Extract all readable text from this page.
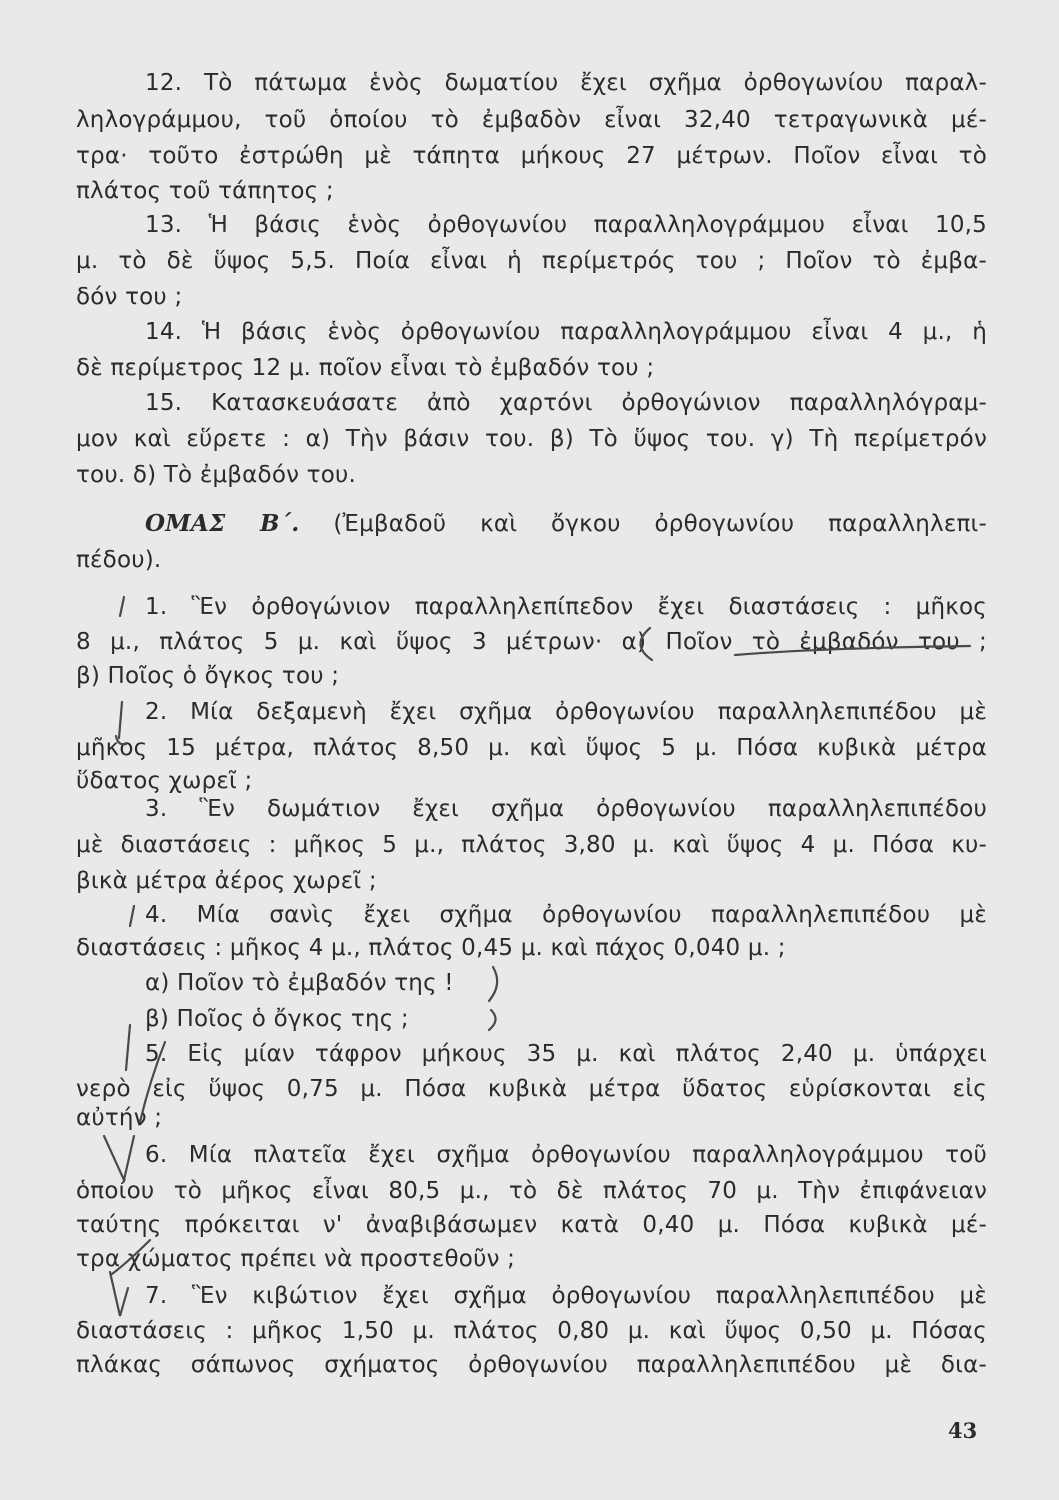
12. Τὸ πάτωμα ἑνὸς δωματίου ἔχει σχῆμα ὀρθογωνίου παραλ-
ληλογράμμου, τοῦ ὁποίου τὸ ἐμβαδὸν εἶναι 32,40 τετραγωνικὰ μέ-
τρα· τοῦτο ἐστρώθη μὲ τάπητα μήκους 27 μέτρων. Ποῖον εἶναι τὸ
πλάτος τοῦ τάπητος ;
13. Ἡ βάσις ἑνὸς ὀρθογωνίου παραλληλογράμμου εἶναι 10,5
μ. τὸ δὲ ὕψος 5,5. Ποία εἶναι ἡ περίμετρός του ; Ποῖον τὸ ἐμβα-
δόν του ;
14. Ἡ βάσις ἑνὸς ὀρθογωνίου παραλληλογράμμου εἶναι 4 μ., ἡ
δὲ περίμετρος 12 μ. ποῖον εἶναι τὸ ἐμβαδόν του ;
15. Κατασκευάσατε ἀπὸ χαρτόνι ὀρθογώνιον παραλληλόγραμ-
μον καὶ εὕρετε : α) Τὴν βάσιν του. β) Τὸ ὕψος του. γ) Τὴ περίμετρόν
του. δ) Τὸ ἐμβαδόν του.
ΟΜΑΣ Β΄. (Ἐμβαδοῦ καὶ ὄγκου ὀρθογωνίου παραλληλεπι-
πέδου).
1. Ἓν ὀρθογώνιον παραλληλεπίπεδον ἔχει διαστάσεις : μῆκος
8 μ., πλάτος 5 μ. καὶ ὕψος 3 μέτρων· α) Ποῖον τὸ ἐμβαδόν του ;
β) Ποῖος ὁ ὄγκος του ;
2. Μία δεξαμενὴ ἔχει σχῆμα ὀρθογωνίου παραλληλεπιπέδου μὲ
μῆκος 15 μέτρα, πλάτος 8,50 μ. καὶ ὕψος 5 μ. Πόσα κυβικὰ μέτρα
ὕδατος χωρεῖ ;
3. Ἓν δωμάτιον ἔχει σχῆμα ὀρθογωνίου παραλληλεπιπέδου
μὲ διαστάσεις : μῆκος 5 μ., πλάτος 3,80 μ. καὶ ὕψος 4 μ. Πόσα κυ-
βικὰ μέτρα ἀέρος χωρεῖ ;
4. Μία σανὶς ἔχει σχῆμα ὀρθογωνίου παραλληλεπιπέδου μὲ
διαστάσεις : μῆκος 4 μ., πλάτος 0,45 μ. καὶ πάχος 0,040 μ. ;
α) Ποῖον τὸ ἐμβαδόν της !
β) Ποῖος ὁ ὄγκος της ;
5. Εἰς μίαν τάφρον μήκους 35 μ. καὶ πλάτος 2,40 μ. ὑπάρχει
νερὸ εἰς ὕψος 0,75 μ. Πόσα κυβικὰ μέτρα ὕδατος εὑρίσκονται εἰς
αὐτήν ;
6. Μία πλατεῖα ἔχει σχῆμα ὀρθογωνίου παραλληλογράμμου τοῦ
ὁποίου τὸ μῆκος εἶναι 80,5 μ., τὸ δὲ πλάτος 70 μ. Τὴν ἐπιφάνειαν
ταύτης πρόκειται ν' ἀναβιβάσωμεν κατὰ 0,40 μ. Πόσα κυβικὰ μέ-
τρα χώματος πρέπει νὰ προστεθοῦν ;
7. Ἓν κιβώτιον ἔχει σχῆμα ὀρθογωνίου παραλληλεπιπέδου μὲ
διαστάσεις : μῆκος 1,50 μ. πλάτος 0,80 μ. καὶ ὕψος 0,50 μ. Πόσας
πλάκας σάπωνος σχήματος ὀρθογωνίου παραλληλεπιπέδου μὲ δια-
43
